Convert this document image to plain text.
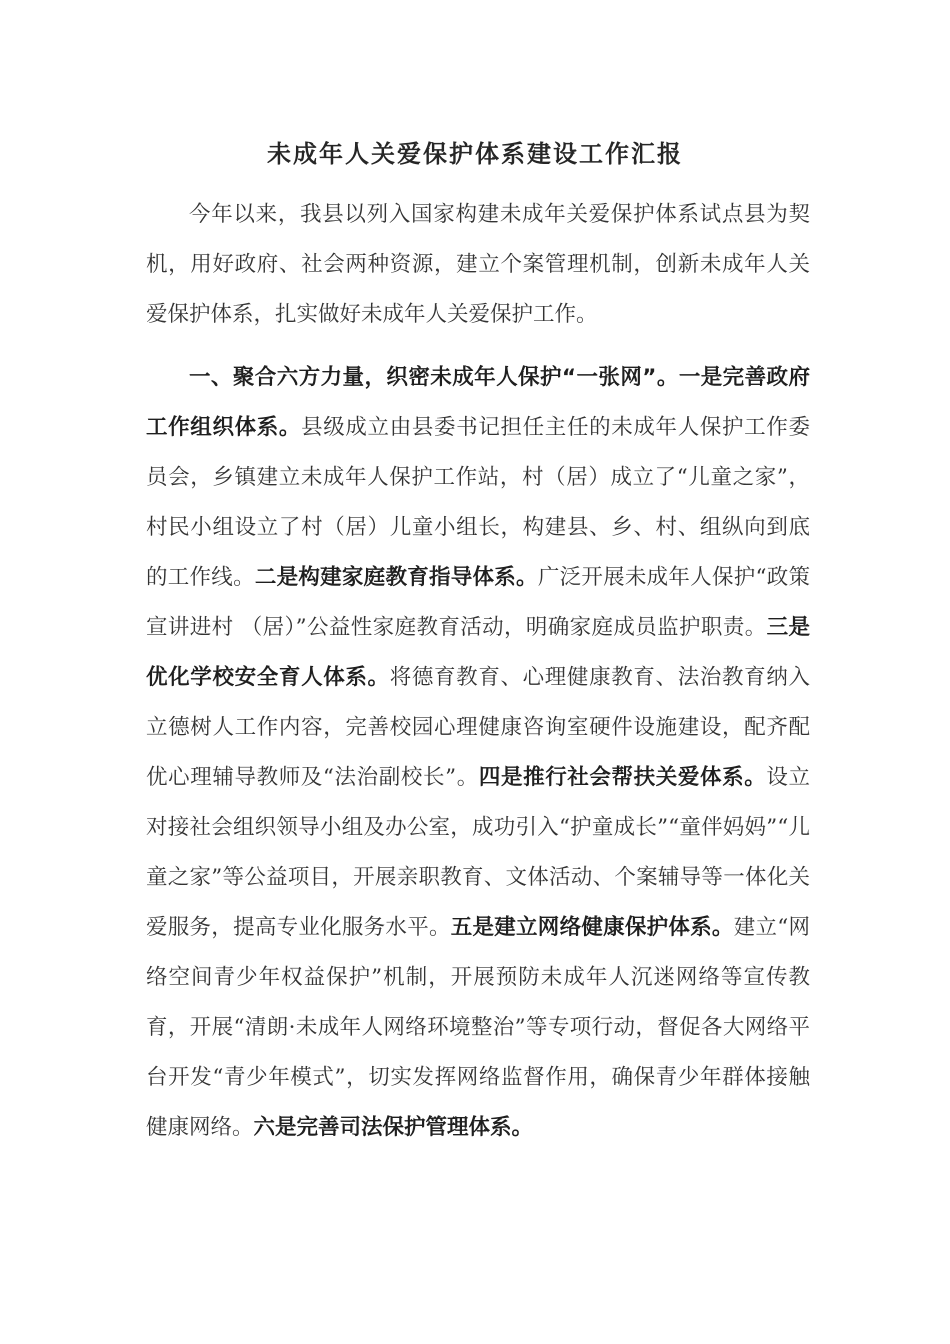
未成年人关爱保护体系建设工作汇报

今年以来，我县以列入国家构建未成年关爱保护体系试点县为契机，用好政府、社会两种资源，建立个案管理机制，创新未成年人关爱保护体系，扎实做好未成年人关爱保护工作。

一、聚合六方力量，织密未成年人保护“一张网”。一是完善政府工作组织体系。县级成立由县委书记担任主任的未成年人保护工作委员会，乡镇建立未成年人保护工作站，村（居）成立了“儿童之家”，村民小组设立了村（居）儿童小组长，构建县、乡、村、组纵向到底的工作线。二是构建家庭教育指导体系。广泛开展未成年人保护“政策宣讲进村 （居）”公益性家庭教育活动，明确家庭成员监护职责。三是优化学校安全育人体系。将德育教育、心理健康教育、法治教育纳入立德树人工作内容，完善校园心理健康咨询室硬件设施建设，配齐配优心理辅导教师及“法治副校长”。四是推行社会帮扶关爱体系。设立对接社会组织领导小组及办公室，成功引入“护童成长”“童伴妈妈”“儿童之家”等公益项目，开展亲职教育、文体活动、个案辅导等一体化关爱服务，提高专业化服务水平。五是建立网络健康保护体系。建立“网络空间青少年权益保护”机制，开展预防未成年人沉迷网络等宣传教育，开展“清朗·未成年人网络环境整治”等专项行动，督促各大网络平台开发“青少年模式”，切实发挥网络监督作用，确保青少年群体接触健康网络。六是完善司法保护管理体系。
